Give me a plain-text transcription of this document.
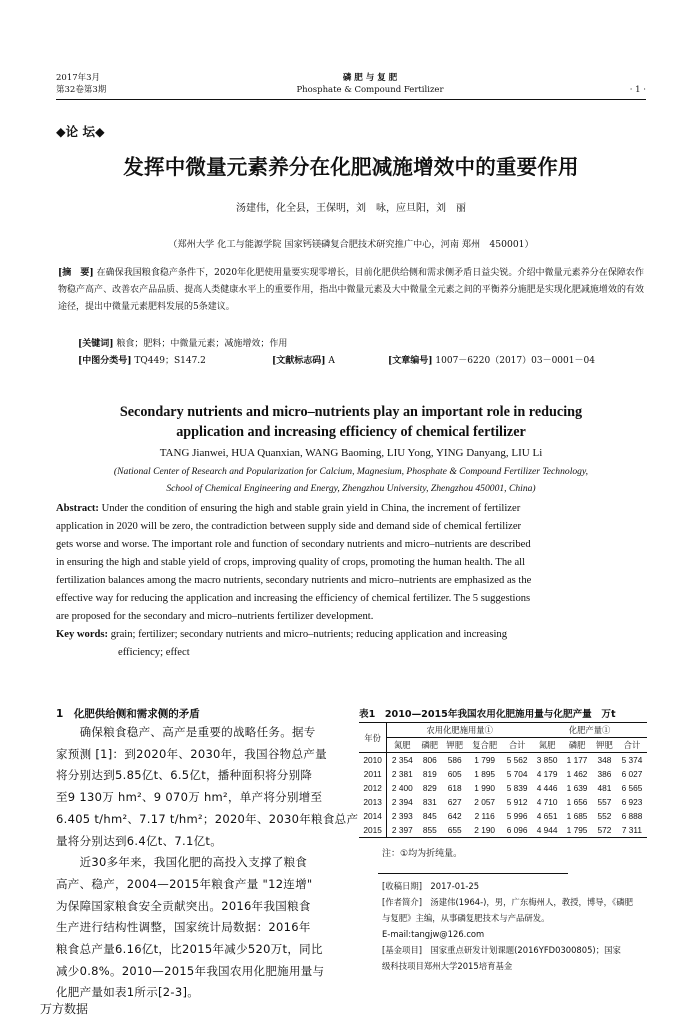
2017年3月
第32卷第3期
磷 肥 与 复 肥
Phosphate & Compound Fertilizer	· 1 ·
◆论 坛◆
发挥中微量元素养分在化肥减施增效中的重要作用
汤建伟，化全县，王保明，刘　咏，应旦阳，刘　丽
（郑州大学 化工与能源学院 国家钙镁磷复合肥技术研究推广中心，河南 郑州　450001）
[摘　要] 在确保我国粮食稳产条件下，2020年化肥使用量要实现零增长，目前化肥供给侧和需求侧矛盾日益尖锐。介绍中微量元素养分在保障农作物稳产高产、改善农产品品质、提高人类健康水平上的重要作用，指出中微量元素及大中微量全元素之间的平衡养分施肥是实现化肥减施增效的有效途径，提出中微量元素肥料发展的5条建议。
[关键词] 粮食；肥料；中微量元素；减施增效；作用
[中图分类号] TQ449；S147.2	[文献标志码] A	[文章编号] 1007－6220（2017）03－0001－04
Secondary nutrients and micro–nutrients play an important role in reducing
application and increasing efficiency of chemical fertilizer
TANG Jianwei, HUA Quanxian, WANG Baoming, LIU Yong, YING Danyang, LIU Li
(National Center of Research and Popularization for Calcium, Magnesium, Phosphate & Compound Fertilizer Technology,
School of Chemical Engineering and Energy, Zhengzhou University, Zhengzhou 450001, China)
Abstract: Under the condition of ensuring the high and stable grain yield in China, the increment of fertilizer
application in 2020 will be zero, the contradiction between supply side and demand side of chemical fertilizer
gets worse and worse. The important role and function of secondary nutrients and micro–nutrients are described
in ensuring the high and stable yield of crops, improving quality of crops, promoting the human health. The all
fertilization balances among the macro nutrients, secondary nutrients and micro–nutrients are emphasized as the
effective way for reducing the application and increasing the efficiency of chemical fertilizer. The 5 suggestions
are proposed for the secondary and micro–nutrients fertilizer development.
Key words: grain; fertilizer; secondary nutrients and micro–nutrients; reducing application and increasing
efficiency; effect
1　化肥供给侧和需求侧的矛盾
　　确保粮食稳产、高产是重要的战略任务。据专
家预测 [1]：到2020年、2030年，我国谷物总产量
将分别达到5.85亿t、6.5亿t，播种面积将分别降
至9 130万 hm²、9 070万 hm²，单产将分别增至
6.405 t/hm²、7.17 t/hm²；2020年、2030年粮食总产
量将分别达到6.4亿t、7.1亿t。
　　近30多年来，我国化肥的高投入支撑了粮食
高产、稳产，2004—2015年粮食产量 "12连增"
为保障国家粮食安全贡献突出。2016年我国粮食
生产进行结构性调整，国家统计局数据：2016年
粮食总产量6.16亿t，比2015年减少520万t，同比
减少0.8%。2010—2015年我国农用化肥施用量与
化肥产量如表1所示[2-3]。
表1　2010—2015年我国农用化肥施用量与化肥产量　万t
年份	农用化肥施用量①					化肥产量①			
	氮肥	磷肥	钾肥	复合肥	合计	氮肥	磷肥	钾肥	合计
2010	2 354	806	586	1 799	5 562	3 850	1 177	348	5 374
2011	2 381	819	605	1 895	5 704	4 179	1 462	386	6 027
2012	2 400	829	618	1 990	5 839	4 446	1 639	481	6 565
2013	2 394	831	627	2 057	5 912	4 710	1 656	557	6 923
2014	2 393	845	642	2 116	5 996	4 651	1 685	552	6 888
2015	2 397	855	655	2 190	6 096	4 944	1 795	572	7 311
注：①均为折纯量。
[收稿日期]　2017-01-25
[作者简介]　汤建伟(1964-)，男，广东梅州人，教授，博导，《磷肥
与复肥》主编，从事磷复肥技术与产品研发。
E-mail:tangjw@126.com
[基金项目]　国家重点研发计划课题(2016YFD0300805)；国家
级科技项目郑州大学2015培育基金
万方数据
